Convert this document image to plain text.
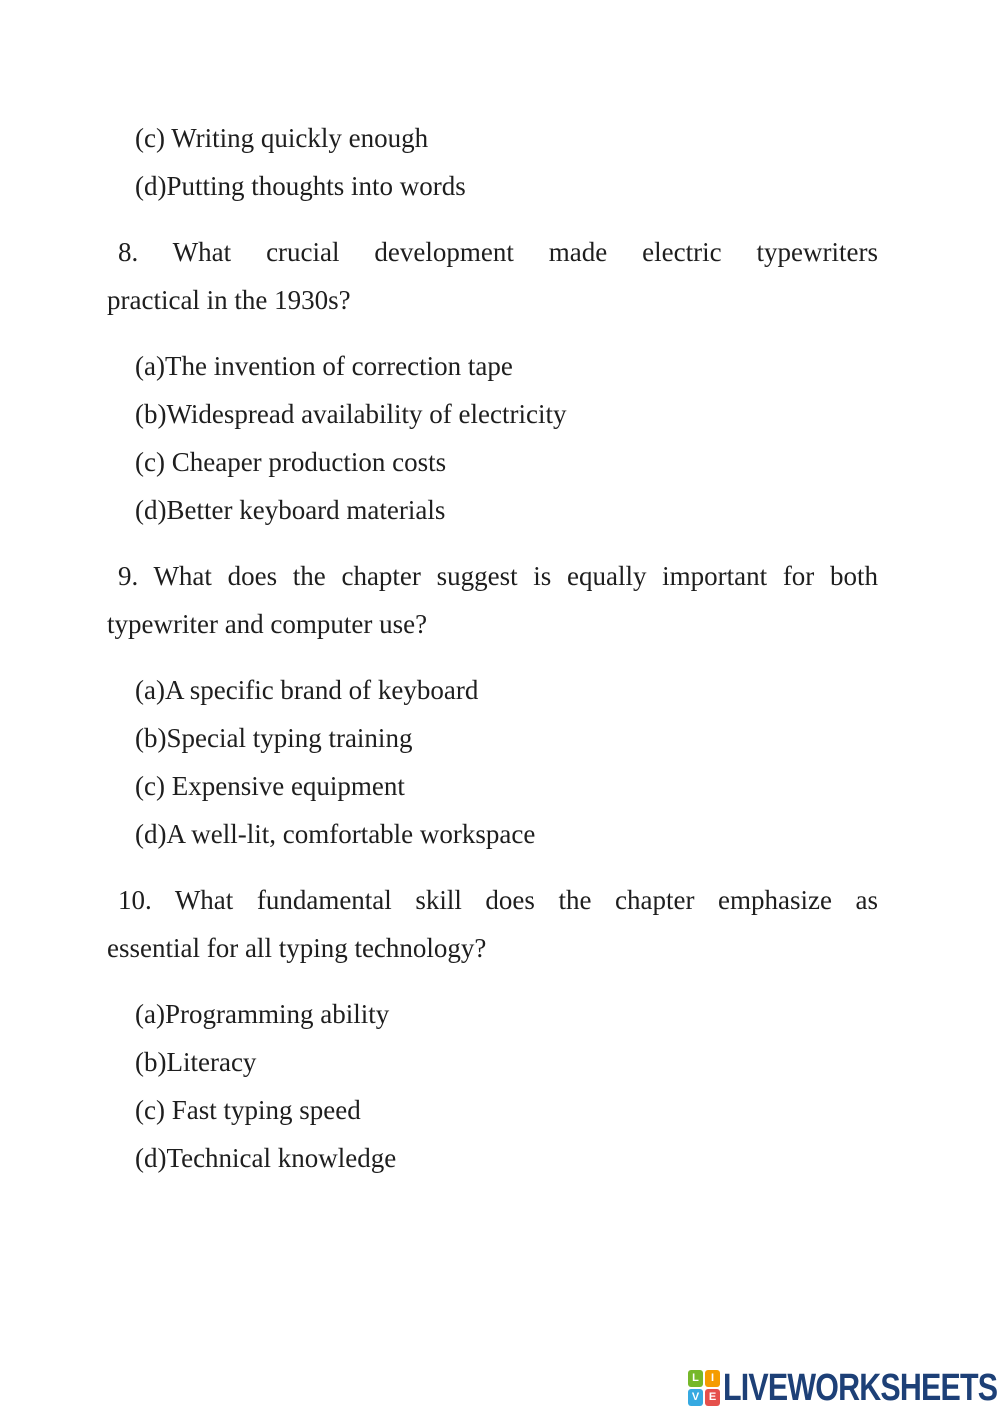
(c) Writing quickly enough
(d)Putting thoughts into words
8. What crucial development made electric typewriters
practical in the 1930s?
(a)The invention of correction tape
(b)Widespread availability of electricity
(c) Cheaper production costs
(d)Better keyboard materials
9. What does the chapter suggest is equally important for both
typewriter and computer use?
(a)A specific brand of keyboard
(b)Special typing training
(c) Expensive equipment
(d)A well-lit, comfortable workspace
10. What fundamental skill does the chapter emphasize as
essential for all typing technology?
(a)Programming ability
(b)Literacy
(c) Fast typing speed
(d)Technical knowledge
L	I
V E LIVEWORKSHEETS
